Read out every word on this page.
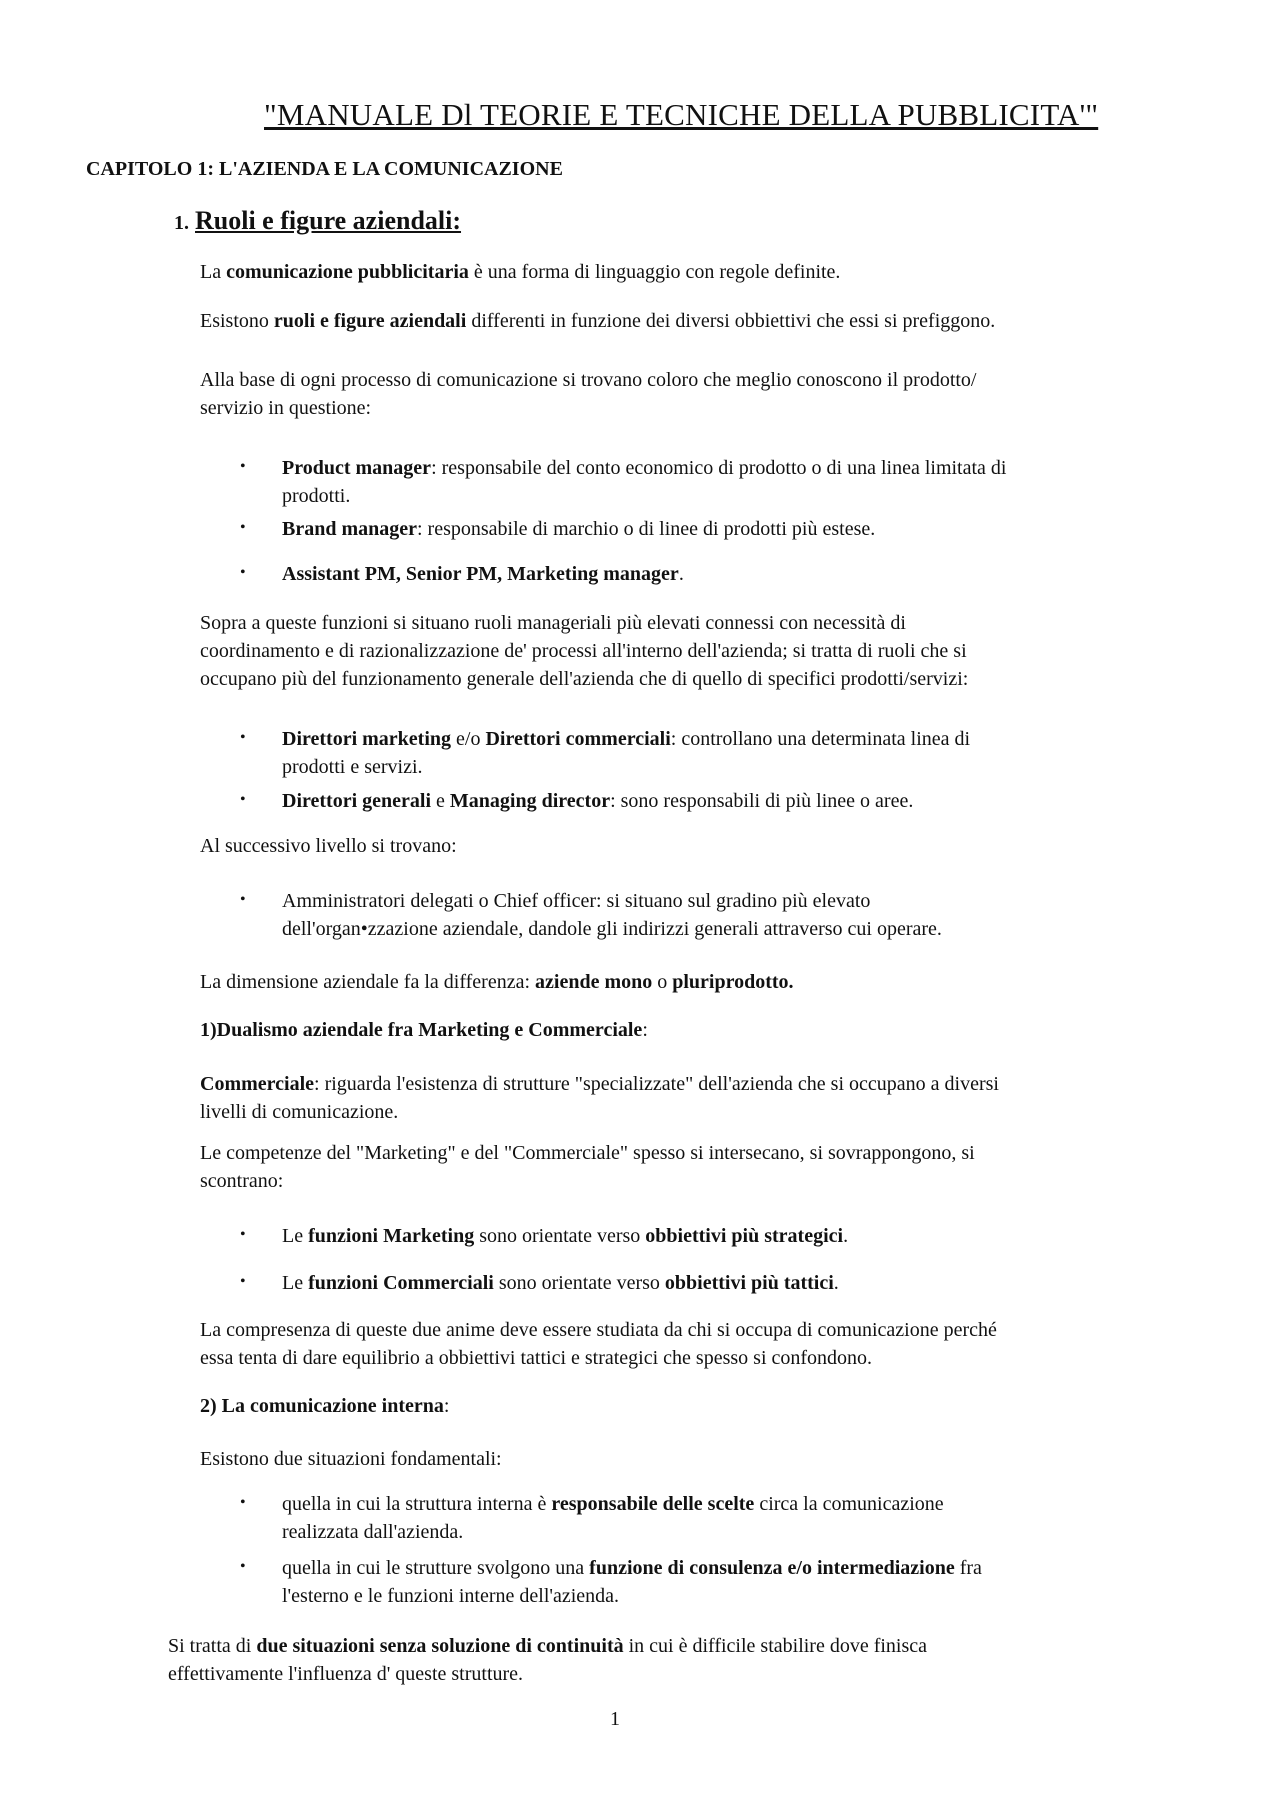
"MANUALE Dl TEORIE E TECNICHE DELLA PUBBLICITA'"
CAPITOLO 1: L'AZIENDA E LA COMUNICAZIONE
1. Ruoli e figure aziendali:

La comunicazione pubblicitaria è una forma di linguaggio con regole definite.

Esistono ruoli e figure aziendali differenti in funzione dei diversi obbiettivi che essi si prefiggono.

Alla base di ogni processo di comunicazione si trovano coloro che meglio conoscono il prodotto/
servizio in questione:

• Product manager: responsabile del conto economico di prodotto o di una linea limitata di
prodotti.

• Brand manager: responsabile di marchio o di linee di prodotti più estese.

• Assistant PM, Senior PM, Marketing manager.

Sopra a queste funzioni si situano ruoli manageriali più elevati connessi con necessità di
coordinamento e di razionalizzazione de' processi all'interno dell'azienda; si tratta di ruoli che si
occupano più del funzionamento generale dell'azienda che di quello di specifici prodotti/servizi:

• Direttori marketing e/o Direttori commerciali: controllano una determinata linea di
prodotti e servizi.

• Direttori generali e Managing director: sono responsabili di più linee o aree.

Al successivo livello si trovano:

• Amministratori delegati o Chief officer: si situano sul gradino più elevato
dell'organ•zzazione aziendale, dandole gli indirizzi generali attraverso cui operare.

La dimensione aziendale fa la differenza: aziende mono o pluriprodotto.

1)Dualismo aziendale fra Marketing e Commerciale:

Commerciale: riguarda l'esistenza di strutture "specializzate" dell'azienda che si occupano a diversi
livelli di comunicazione.

Le competenze del "Marketing" e del "Commerciale" spesso si intersecano, si sovrappongono, si
scontrano:

• Le funzioni Marketing sono orientate verso obbiettivi più strategici.

• Le funzioni Commerciali sono orientate verso obbiettivi più tattici.

La compresenza di queste due anime deve essere studiata da chi si occupa di comunicazione perché
essa tenta di dare equilibrio a obbiettivi tattici e strategici che spesso si confondono.

2) La comunicazione interna:

Esistono due situazioni fondamentali:

• quella in cui la struttura interna è responsabile delle scelte circa la comunicazione
realizzata dall'azienda.

• quella in cui le strutture svolgono una funzione di consulenza e/o intermediazione fra
l'esterno e le funzioni interne dell'azienda.

Si tratta di due situazioni senza soluzione di continuità in cui è difficile stabilire dove finisca
effettivamente l'influenza d' queste strutture.

1
